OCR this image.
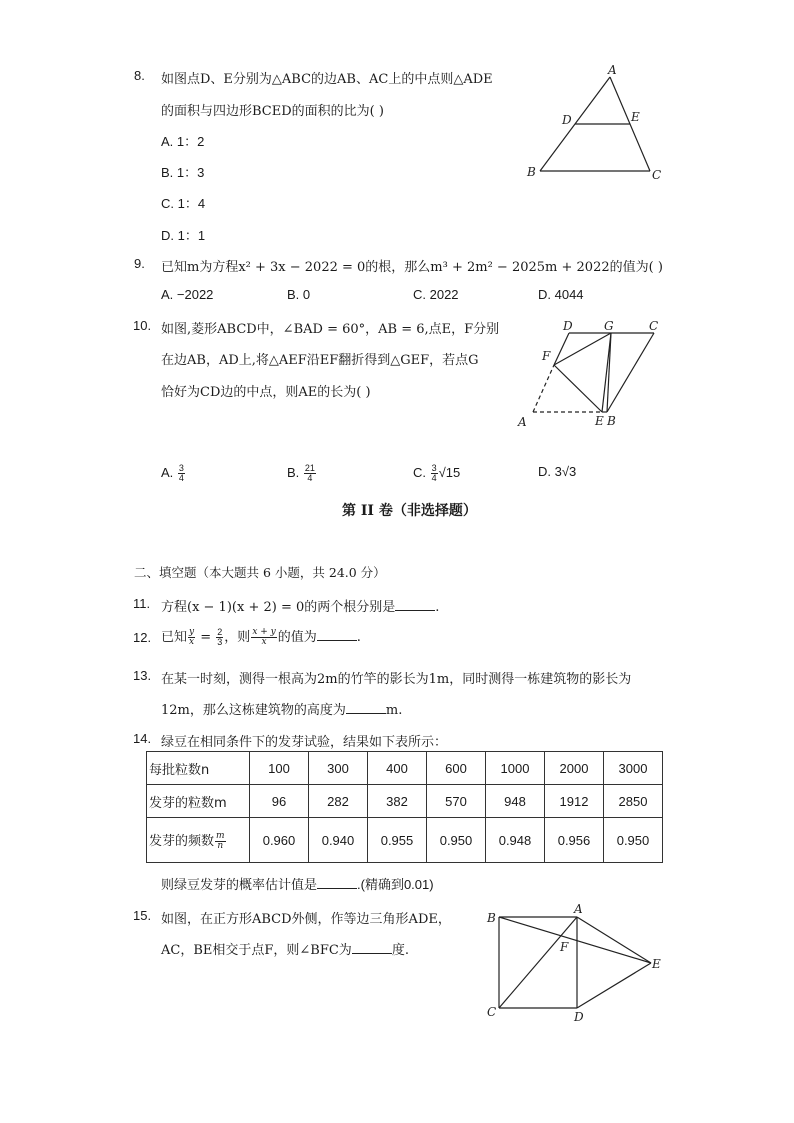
8. 如图点D、E分别为△ABC的边AB、AC上的中点则△ADE
的面积与四边形BCED的面积的比为( )
A. 1：2
B. 1：3
C. 1：4
D. 1：1
A
D	E
B	C
9. 已知m为方程x² + 3x − 2022 = 0的根，那么m³ + 2m² − 2025m + 2022的值为( )
A. −2022	B. 0	C. 2022	D. 4044
10. 如图,菱形ABCD中，∠BAD = 60°，AB = 6,点E，F分别
在边AB，AD上,将△AEF沿EF翻折得到△GEF，若点G
恰好为CD边的中点，则AE的长为( )
D	G	C
F
A	E B
A. $\frac{3}{4}$	B. $\frac{21}{4}$	C. $\frac{3}{4} √15$	D. 3√3
第 II 卷（非选择题）
二、填空题（本大题共 6 小题，共 24.0 分）
11. 方程(x − 1)(x + 2) = 0的两个根分别是	.
12. 已知 $\frac{y}{x} = \frac{2}{3}$ ，则 $\frac{x + y}{x}$ 的值为	.
13. 在某一时刻，测得一根高为2m的竹竿的影长为1m，同时测得一栋建筑物的影长为
12m，那么这栋建筑物的高度为	m.
14. 绿豆在相同条件下的发芽试验，结果如下表所示：
每批粒数n	100	300	400	600	1000	2000	3000
发芽的粒数m	96	282	382	570	948	1912	2850
发芽的频数 $\frac{m}{n}$	0.960	0.940	0.955	0.950	0.948	0.956	0.950
则绿豆发芽的概率估计值是	.(精确到0.01)
15. 如图，在正方形ABCD外侧，作等边三角形ADE，
AC，BE相交于点F，则∠BFC为	度.
B
A
F
E
C	D
